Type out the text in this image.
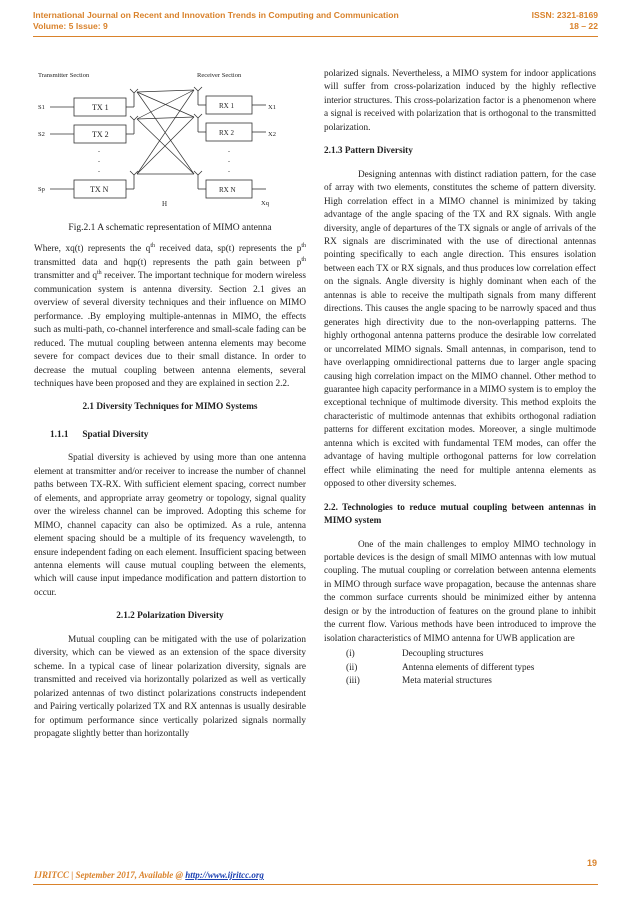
International Journal on Recent and Innovation Trends in Computing and Communication
Volume: 5 Issue: 9
ISSN: 2321-8169
18 – 22
Transmitter Section	Receiver Section
S1
S2
Sp
X1
X2
Xq
H
TX 1
TX 2
TX N
RX 1
RX 2
RX N
.
.
.
.
.
.
Fig.2.1 A schematic representation of MIMO antenna

Where, xq(t) represents the $q^{th}$ received data, sp(t) represents the $p^{th}$ transmitted data and hqp(t) represents the path gain between $p^{th}$ transmitter and $q^{th}$ receiver. The important technique for modern wireless communication system is antenna diversity. Section 2.1 gives an overview of several diversity techniques and their influence on MIMO performance. .By employing multiple-antennas in MIMO, the effects such as multi-path, co-channel interference and small-scale fading can be reduced. The mutual coupling between antenna elements may become severe for compact devices due to their small distance. In order to decrease the mutual coupling between antenna elements, several techniques have been proposed and they are explained in section 2.2.

2.1 Diversity Techniques for MIMO Systems
1.1.1      Spatial Diversity

Spatial diversity is achieved by using more than one antenna element at transmitter and/or receiver to increase the number of channel paths between TX-RX. With sufficient element spacing, correct number of elements, and appropriate array geometry or topology, signal quality over the wireless channel can be improved. Adopting this scheme for MIMO, channel capacity can also be optimized. As a rule, antenna element spacing should be a multiple of its frequency wavelength, to ensure independent fading on each element. Insufficient spacing between antenna elements will cause mutual coupling between the elements, which will cause input impedance modification and pattern distortion to occur.

2.1.2 Polarization Diversity

Mutual coupling can be mitigated with the use of polarization diversity, which can be viewed as an extension of the space diversity scheme. In a typical case of linear polarization diversity, signals are transmitted and received via horizontally polarized as well as vertically polarized antennas of two distinct polarizations constructs independent and Pairing vertically polarized TX and RX antennas is usually desirable for optimum performance since vertically polarized signals normally propagate slightly better than horizontally

polarized signals. Nevertheless, a MIMO system for indoor applications will suffer from cross-polarization induced by the highly reflective interior structures. This cross-polarization factor is a phenomenon where a signal is received with polarization that is orthogonal to the transmitted polarization.

2.1.3 Pattern Diversity

Designing antennas with distinct radiation pattern, for the case of array with two elements, constitutes the scheme of pattern diversity. High correlation effect in a MIMO channel is minimized by taking advantage of the angle spacing of the TX and RX signals. With angle diversity, angle of departures of the TX signals or angle of arrivals of the RX signals are discriminated with the use of directional antennas pointing specifically to each angle direction. This ensures isolation between each TX or RX signals, and thus produces low correlation effect on the signals. Angle diversity is highly dominant when each of the antennas is able to receive the multipath signals from many different directions. This causes the angle spacing to be narrowly spaced and thus generates high directivity due to the non-overlapping patterns. The highly orthogonal antenna patterns produce the desirable low correlated or uncorrelated MIMO signals. Small antennas, in comparison, tend to have overlapping omnidirectional patterns due to larger angle spacing causing high correlation impact on the MIMO channel. Other method to guarantee high capacity performance in a MIMO system is to employ the exceptional technique of multimode diversity. This method exploits the characteristic of multimode antennas that exhibits orthogonal radiation patterns for different excitation modes. Moreover, a single multimode antenna which is excited with fundamental TEM modes, can offer the advantage of having multiple orthogonal patterns for low correlation effect while eliminating the need for multiple antenna elements as opposed to other diversity schemes.

2.2. Technologies to reduce mutual coupling between antennas in MIMO system

One of the main challenges to employ MIMO technology in portable devices is the design of small MIMO antennas with low mutual coupling. The mutual coupling or correlation between antenna elements in MIMO through surface wave propagation, because the antennas share the common surface currents should be minimized either by antenna design or by the introduction of features on the ground plane to inhibit the current flow. Various methods have been introduced to improve the isolation characteristics of MIMO antenna for UWB application are

(i)	Decoupling structures
(ii)	Antenna elements of different types
(iii)	Meta material structures
19
IJRITCC | September 2017, Available @ http://www.ijritcc.org
